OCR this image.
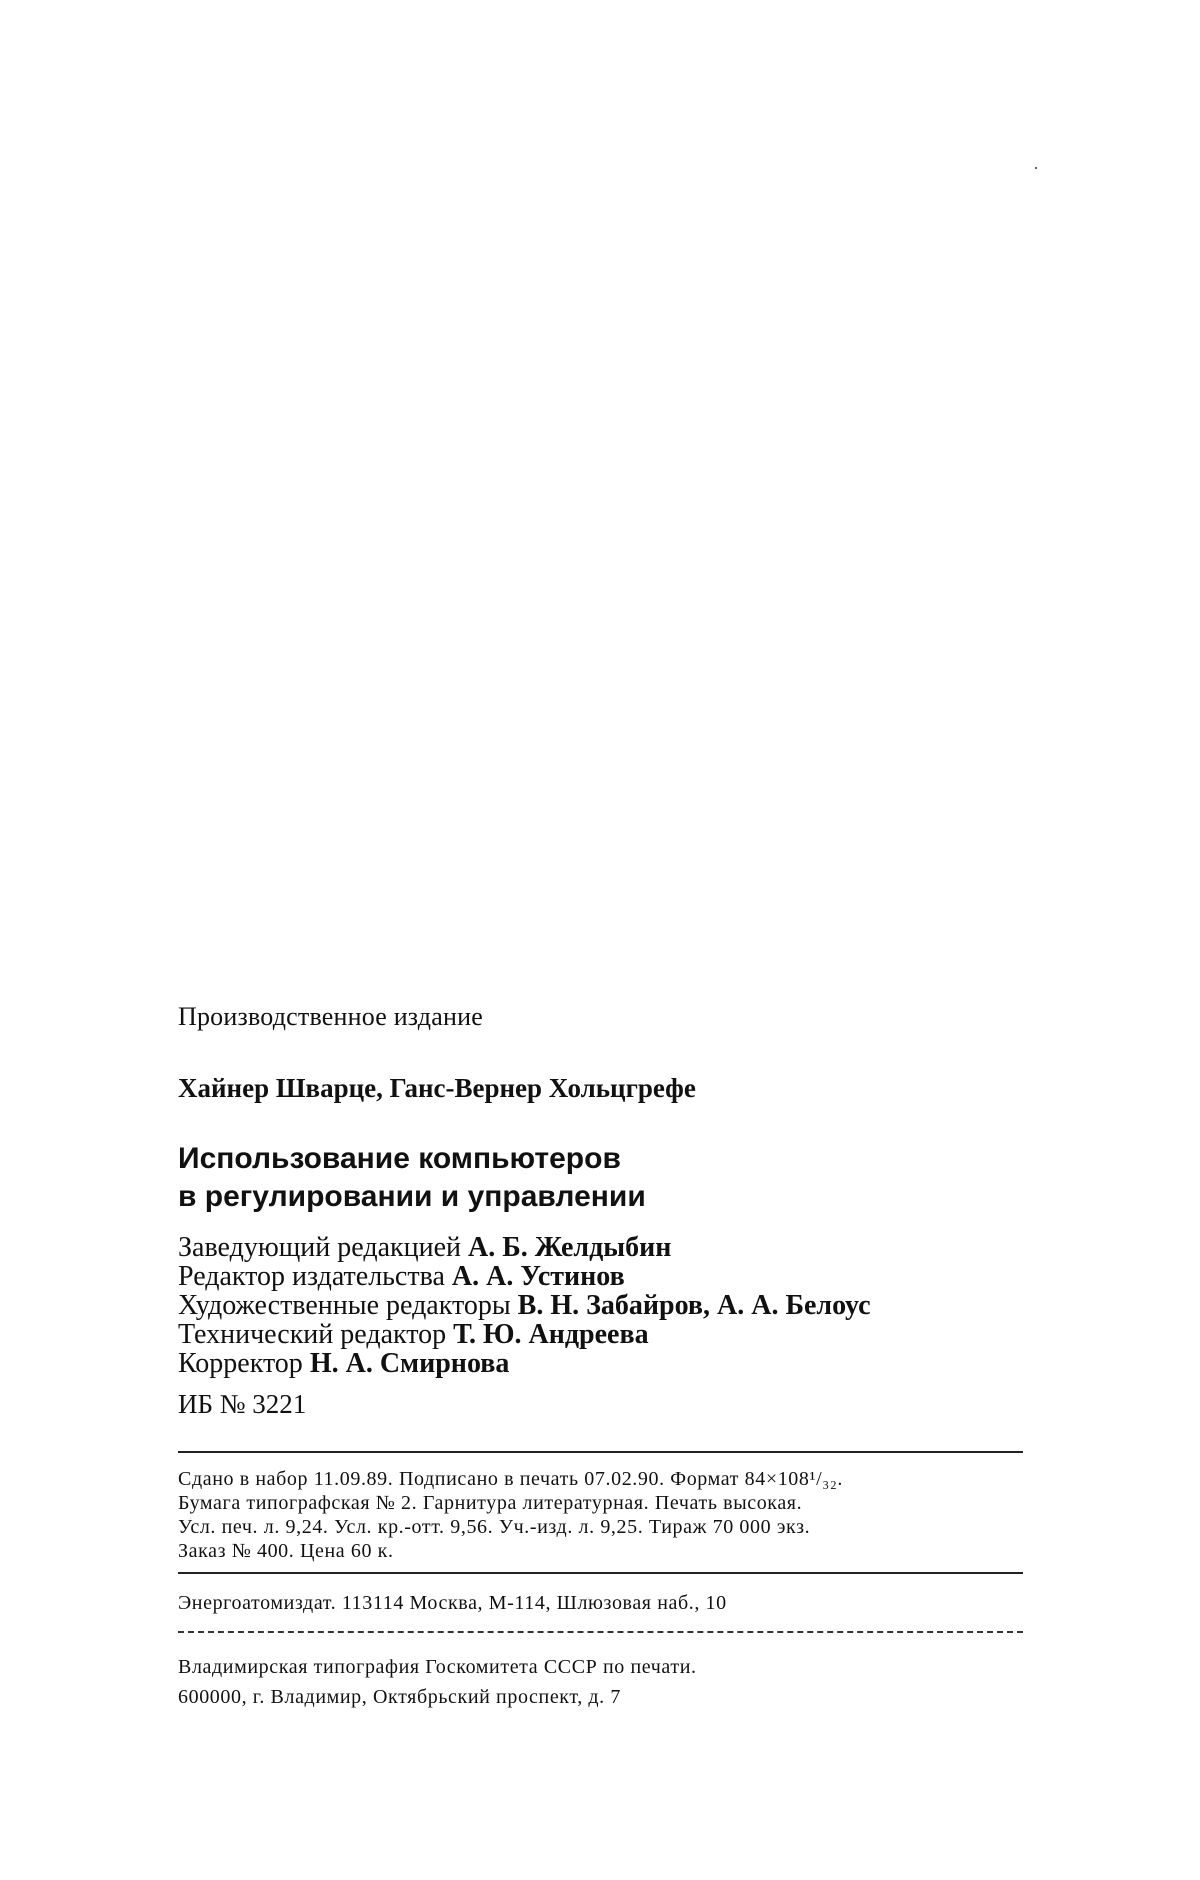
Производственное издание
Хайнер Шварце, Ганс-Вернер Хольцгрефе
Использование компьютеров
в регулировании и управлении
Заведующий редакцией А. Б. Желдыбин
Редактор издательства А. А. Устинов
Художественные редакторы В. Н. Забайров, А. А. Белоус
Технический редактор Т. Ю. Андреева
Корректор Н. А. Смирнова
ИБ № 3221
Сдано в набор 11.09.89. Подписано в печать 07.02.90. Формат 84×108¹/₃₂.
Бумага типографская № 2. Гарнитура литературная. Печать высокая.
Усл. печ. л. 9,24. Усл. кр.-отт. 9,56. Уч.-изд. л. 9,25. Тираж 70 000 экз.
Заказ № 400. Цена 60 к.
Энергоатомиздат. 113114 Москва, М-114, Шлюзовая наб., 10
Владимирская типография Госкомитета СССР по печати.
600000, г. Владимир, Октябрьский проспект, д. 7
